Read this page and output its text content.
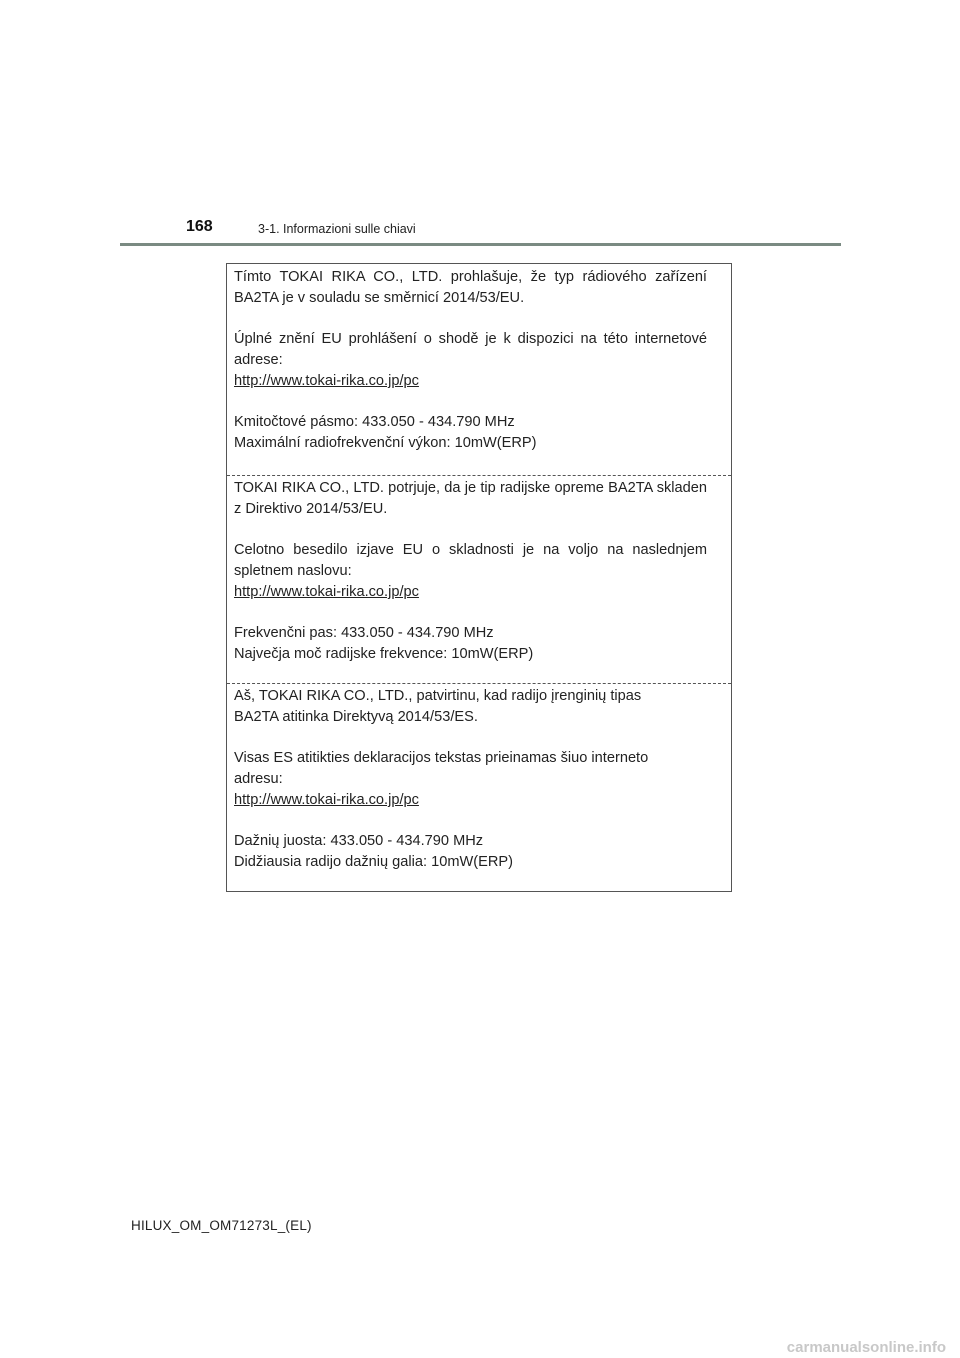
168	3-1. Informazioni sulle chiavi

Tímto TOKAI RIKA CO., LTD. prohlašuje, že typ rádiového zařízení BA2TA je v souladu se směrnicí 2014/53/EU.

Úplné znění EU prohlášení o shodě je k dispozici na této internetové adrese:
http://www.tokai-rika.co.jp/pc

Kmitočtové pásmo: 433.050 - 434.790 MHz
Maximální radiofrekvenční výkon: 10mW(ERP)

TOKAI RIKA CO., LTD. potrjuje, da je tip radijske opreme BA2TA skladen z Direktivo 2014/53/EU.

Celotno besedilo izjave EU o skladnosti je na voljo na naslednjem spletnem naslovu:
http://www.tokai-rika.co.jp/pc

Frekvenčni pas: 433.050 - 434.790 MHz
Največja moč radijske frekvence: 10mW(ERP)

Aš, TOKAI RIKA CO., LTD., patvirtinu, kad radijo įrenginių tipas BA2TA atitinka Direktyvą 2014/53/ES.

Visas ES atitikties deklaracijos tekstas prieinamas šiuo interneto adresu:
http://www.tokai-rika.co.jp/pc

Dažnių juosta: 433.050 - 434.790 MHz
Didžiausia radijo dažnių galia: 10mW(ERP)

HILUX_OM_OM71273L_(EL)
carmanualsonline.info
